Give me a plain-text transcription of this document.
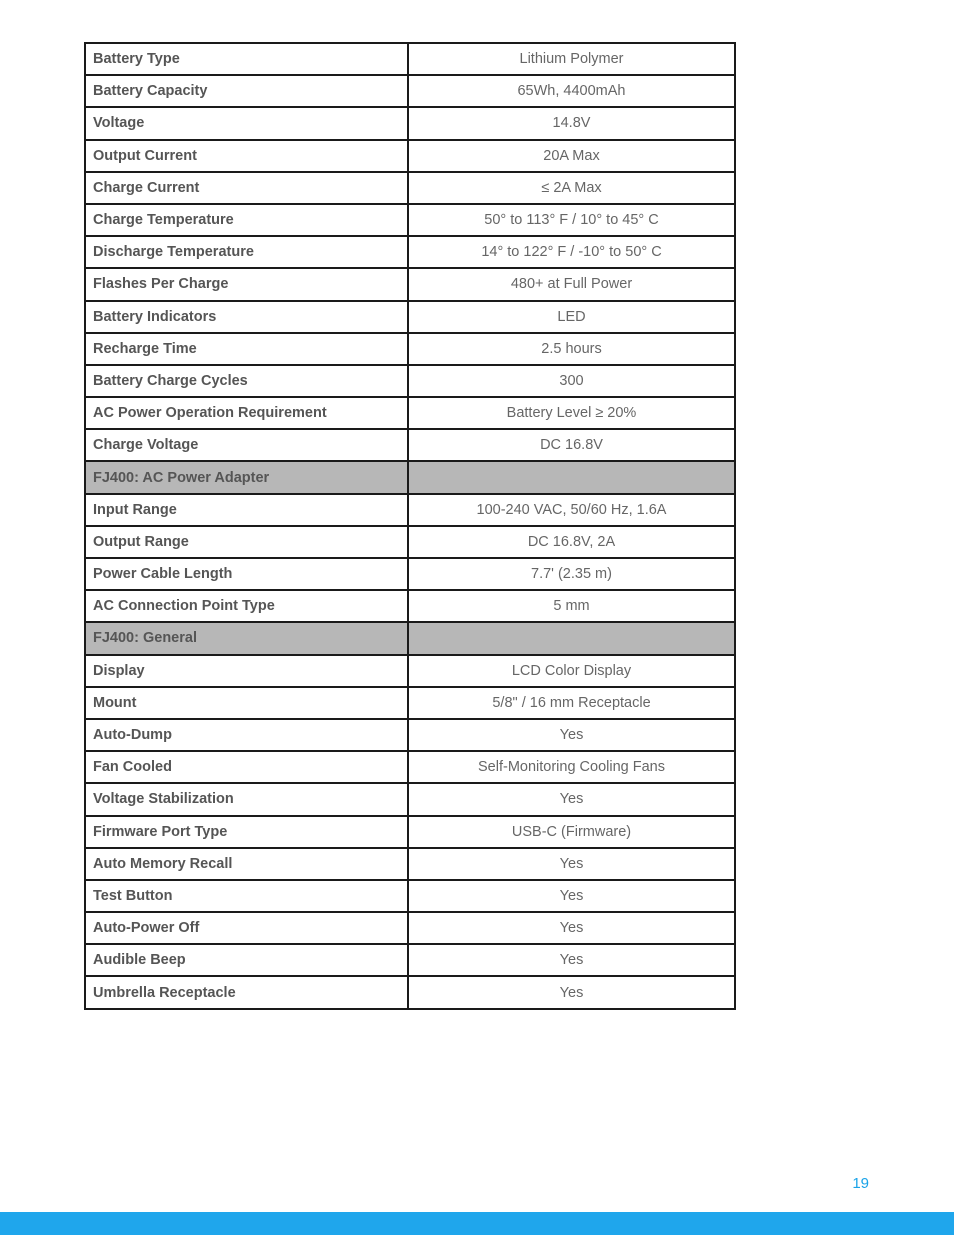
Battery Type	Lithium Polymer
Battery Capacity	65Wh, 4400mAh
Voltage	14.8V
Output Current	20A Max
Charge Current	≤ 2A Max
Charge Temperature	50° to 113° F / 10° to 45° C
Discharge Temperature	14° to 122° F / -10° to 50° C
Flashes Per Charge	480+ at Full Power
Battery Indicators	LED
Recharge Time	2.5 hours
Battery Charge Cycles	300
AC Power Operation Requirement	Battery Level ≥ 20%
Charge Voltage	DC 16.8V
FJ400: AC Power Adapter	
Input Range	100-240 VAC, 50/60 Hz, 1.6A
Output Range	DC 16.8V, 2A
Power Cable Length	7.7' (2.35 m)
AC Connection Point Type	5 mm
FJ400: General	
Display	LCD Color Display
Mount	5/8" / 16 mm Receptacle
Auto-Dump	Yes
Fan Cooled	Self-Monitoring Cooling Fans
Voltage Stabilization	Yes
Firmware Port Type	USB-C (Firmware)
Auto Memory Recall	Yes
Test Button	Yes
Auto-Power Off	Yes
Audible Beep	Yes
Umbrella Receptacle	Yes
19
